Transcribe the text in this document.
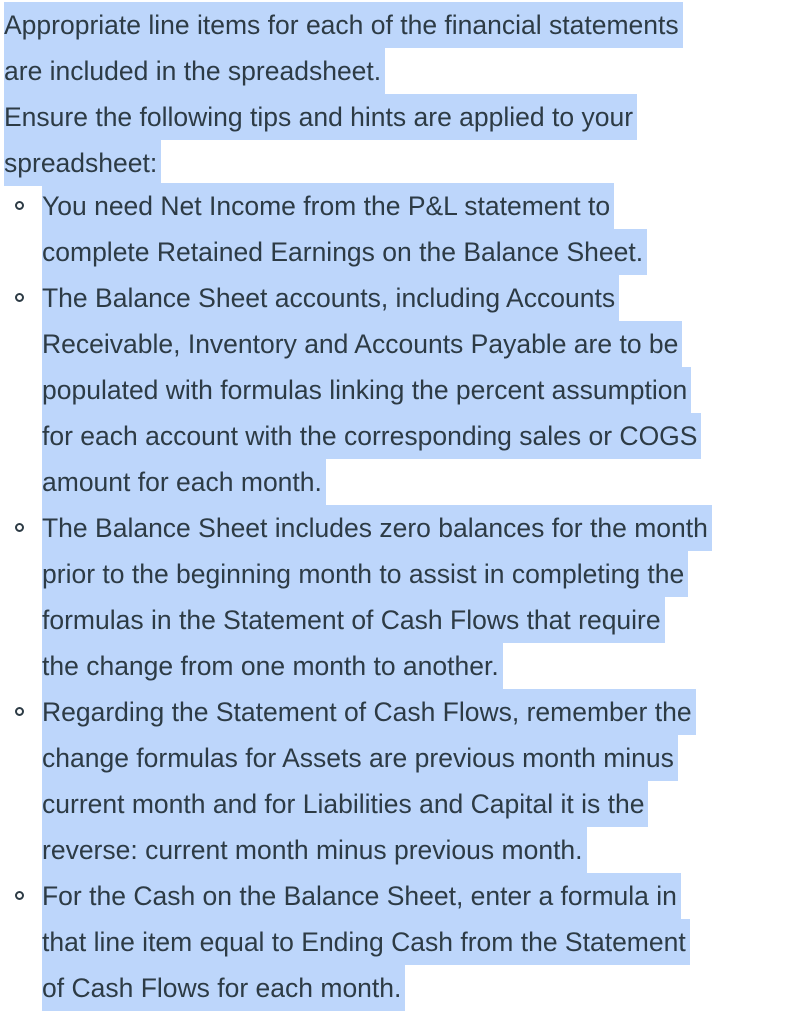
Appropriate line items for each of the financial statements
are included in the spreadsheet.
Ensure the following tips and hints are applied to your
spreadsheet:
You need Net Income from the P&L statement to
complete Retained Earnings on the Balance Sheet.
The Balance Sheet accounts, including Accounts
Receivable, Inventory and Accounts Payable are to be
populated with formulas linking the percent assumption
for each account with the corresponding sales or COGS
amount for each month.
The Balance Sheet includes zero balances for the month
prior to the beginning month to assist in completing the
formulas in the Statement of Cash Flows that require
the change from one month to another.
Regarding the Statement of Cash Flows, remember the
change formulas for Assets are previous month minus
current month and for Liabilities and Capital it is the
reverse: current month minus previous month.
For the Cash on the Balance Sheet, enter a formula in
that line item equal to Ending Cash from the Statement
of Cash Flows for each month.
